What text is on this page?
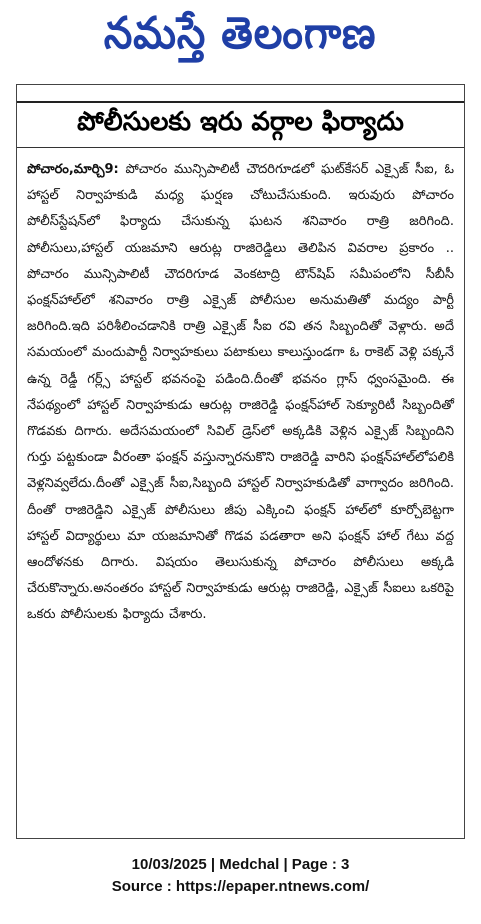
నమస్తే తెలంగాణ
పోలీసులకు ఇరు వర్గాల ఫిర్యాదు
పోచారం,మార్చి9: పోచారం మున్సిపాలిటీ చౌదరిగూడలో ఘట్‌కేసర్ ఎక్సైజ్ సీఐ, ఓ హాస్టల్ నిర్వాహకుడి మధ్య ఘర్షణ చోటుచేసుకుంది. ఇరువురు పోచారం పోలీస్‌స్టేషన్‌లో ఫిర్యాదు చేసుకున్న ఘటన శనివారం రాత్రి జరిగింది. పోలీసులు,హాస్టల్ యజమాని ఆరుట్ల రాజిరెడ్డిలు తెలిపిన వివరాల ప్రకారం .. పోచారం మున్సిపాలిటీ చౌదరిగూడ వెంకటాద్రి టౌన్‌షిప్ సమీపంలోని సీబీసీ ఫంక్షన్‌హాల్‌లో శనివారం రాత్రి ఎక్సైజ్ పోలీసుల అనుమతితో మద్యం పార్టీ జరిగింది.ఇది పరిశీలించడానికి రాత్రి ఎక్సైజ్ సీఐ రవి తన సిబ్బందితో వెళ్లారు. అదే సమయంలో మందుపార్టీ నిర్వాహకులు పటాకులు కాలుస్తుండగా ఓ రాకెట్ వెళ్లి పక్కనే ఉన్న రెడ్డీ గర్ల్స్ హాస్టల్ భవనంపై పడింది.దీంతో భవనం గ్లాస్ ధ్వంసమైంది. ఈ నేపథ్యంలో హాస్టల్ నిర్వాహకుడు ఆరుట్ల రాజిరెడ్డి ఫంక్షన్‌హాల్ సెక్యూరిటీ సిబ్బందితో గొడవకు దిగారు. అదేసమయంలో సివిల్ డ్రెస్‌లో అక్కడికి వెళ్లిన ఎక్సైజ్ సిబ్బందిని గుర్తు పట్టకుండా వీరంతా ఫంక్షన్ వస్తున్నారనుకొని రాజిరెడ్డి వారిని ఫంక్షన్‌హాల్‌లోపలికి వెళ్లనివ్వలేదు.దీంతో ఎక్సైజ్ సీఐ,సిబ్బంది హాస్టల్ నిర్వాహకుడితో వాగ్వాదం జరిగింది. దీంతో రాజిరెడ్డిని ఎక్సైజ్ పోలీసులు జీపు ఎక్కించి ఫంక్షన్ హాల్‌లో కూర్చోబెట్టగా హాస్టల్ విద్యార్థులు మా యజమానితో గొడవ పడతారా అని ఫంక్షన్ హాల్ గేటు వద్ద ఆందోళనకు దిగారు. విషయం తెలుసుకున్న పోచారం పోలీసులు అక్కడి చేరుకొన్నారు.అనంతరం హాస్టల్ నిర్వాహకుడు ఆరుట్ల రాజిరెడ్డి, ఎక్సైజ్ సీఐలు ఒకరిపై ఒకరు పోలీసులకు ఫిర్యాదు చేశారు.
10/03/2025 | Medchal | Page : 3
Source : https://epaper.ntnews.com/
